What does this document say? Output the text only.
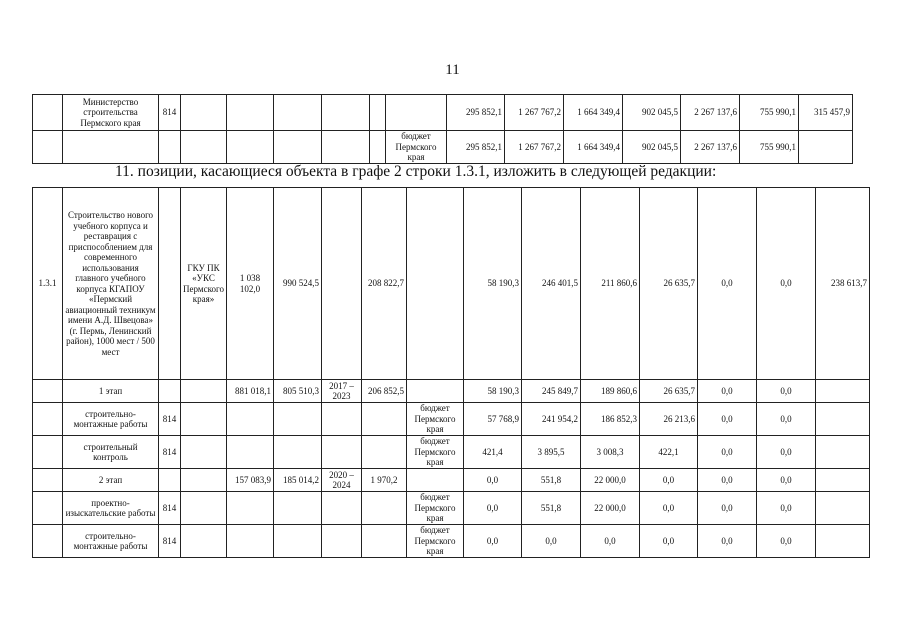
11
	Министерство строительства Пермского края	814							295 852,1	1 267 767,2	1 664 349,4	902 045,5	2 267 137,6	755 990,1	315 457,9
								бюджет Пермского края	295 852,1	1 267 767,2	1 664 349,4	902 045,5	2 267 137,6	755 990,1	
11. позиции, касающиеся объекта в графе 2 строки 1.3.1, изложить в следующей редакции:
1.3.1	Строительство нового учебного корпуса и реставрация с приспособлением для современного использования главного учебного корпуса КГАПОУ «Пермский авиационный техникум имени А.Д. Швецова» (г. Пермь, Ленинский район), 1000 мест / 500 мест		ГКУ ПК «УКС Пермского края»	1 038 102,0	990 524,5		208 822,7		58 190,3	246 401,5	211 860,6	26 635,7	0,0	0,0	238 613,7
	1 этап			881 018,1	805 510,3	2017 – 2023	206 852,5		58 190,3	245 849,7	189 860,6	26 635,7	0,0	0,0	
	строительно-монтажные работы	814						бюджет Пермского края	57 768,9	241 954,2	186 852,3	26 213,6	0,0	0,0	
	строительный контроль	814						бюджет Пермского края	421,4	3 895,5	3 008,3	422,1	0,0	0,0	
	2 этап			157 083,9	185 014,2	2020 – 2024	1 970,2		0,0	551,8	22 000,0	0,0	0,0	0,0	
	проектно-изыскательские работы	814						бюджет Пермского края	0,0	551,8	22 000,0	0,0	0,0	0,0	
	строительно-монтажные работы	814						бюджет Пермского края	0,0	0,0	0,0	0,0	0,0	0,0	
